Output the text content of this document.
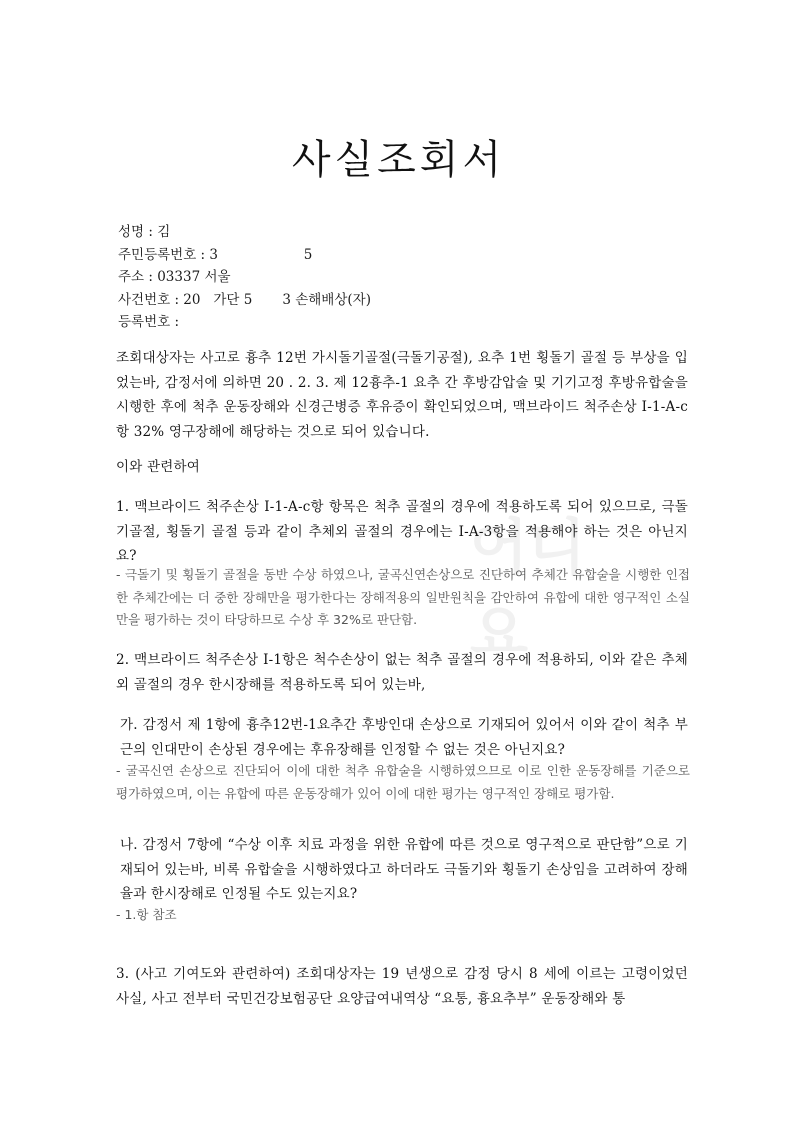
어디요
사실조회서
성명 : 김
주민등록번호 : 3                    5
주소 : 03337 서울
사건번호 : 20   가단 5       3 손해배상(자)
등록번호 :
조회대상자는 사고로 흉추 12번 가시돌기골절(극돌기공절), 요추 1번 횡돌기 골절 등 부상을 입었는바, 감정서에 의하면 20 . 2. 3. 제 12흉추-1 요추 간 후방감압술 및 기기고정 후방유합술을 시행한 후에 척추 운동장해와 신경근병증 후유증이 확인되었으며, 맥브라이드 척주손상 I-1-A-c항 32% 영구장해에 해당하는 것으로 되어 있습니다.
이와 관련하여
1. 맥브라이드 척주손상 I-1-A-c항 항목은 척추 골절의 경우에 적용하도록 되어 있으므로, 극돌기골절, 횡돌기 골절 등과 같이 추체외 골절의 경우에는 I-A-3항을 적용해야 하는 것은 아닌지요?
- 극돌기 및 횡돌기 골절을 동반 수상 하였으나, 굴곡신연손상으로 진단하여 추체간 유합술을 시행한 인접한 추체간에는 더 중한 장해만을 평가한다는 장해적용의 일반원칙을 감안하여 유합에 대한 영구적인 소실만을 평가하는 것이 타당하므로 수상 후 32%로 판단함.
2. 맥브라이드 척주손상 I-1항은 척수손상이 없는 척추 골절의 경우에 적용하되, 이와 같은 추체외 골절의 경우 한시장해를 적용하도록 되어 있는바,
가. 감정서 제 1항에 흉추12번-1요추간 후방인대 손상으로 기재되어 있어서 이와 같이 척추 부근의 인대만이 손상된 경우에는 후유장해를 인정할 수 없는 것은 아닌지요?
- 굴곡신연 손상으로 진단되어 이에 대한 척추 유합술을 시행하였으므로 이로 인한 운동장해를 기준으로 평가하였으며, 이는 유합에 따른 운동장해가 있어 이에 대한 평가는 영구적인 장해로 평가함.
나. 감정서 7항에 “수상 이후 치료 과정을 위한 유합에 따른 것으로 영구적으로 판단함”으로 기재되어 있는바, 비록 유합술을 시행하였다고 하더라도 극돌기와 횡돌기 손상임을 고려하여 장해율과 한시장해로 인정될 수도 있는지요?
- 1.항 참조
3. (사고 기여도와 관련하여) 조회대상자는 19 년생으로 감정 당시 8 세에 이르는 고령이었던 사실, 사고 전부터 국민건강보험공단 요양급여내역상 “요통, 흉요추부” 운동장해와 통
